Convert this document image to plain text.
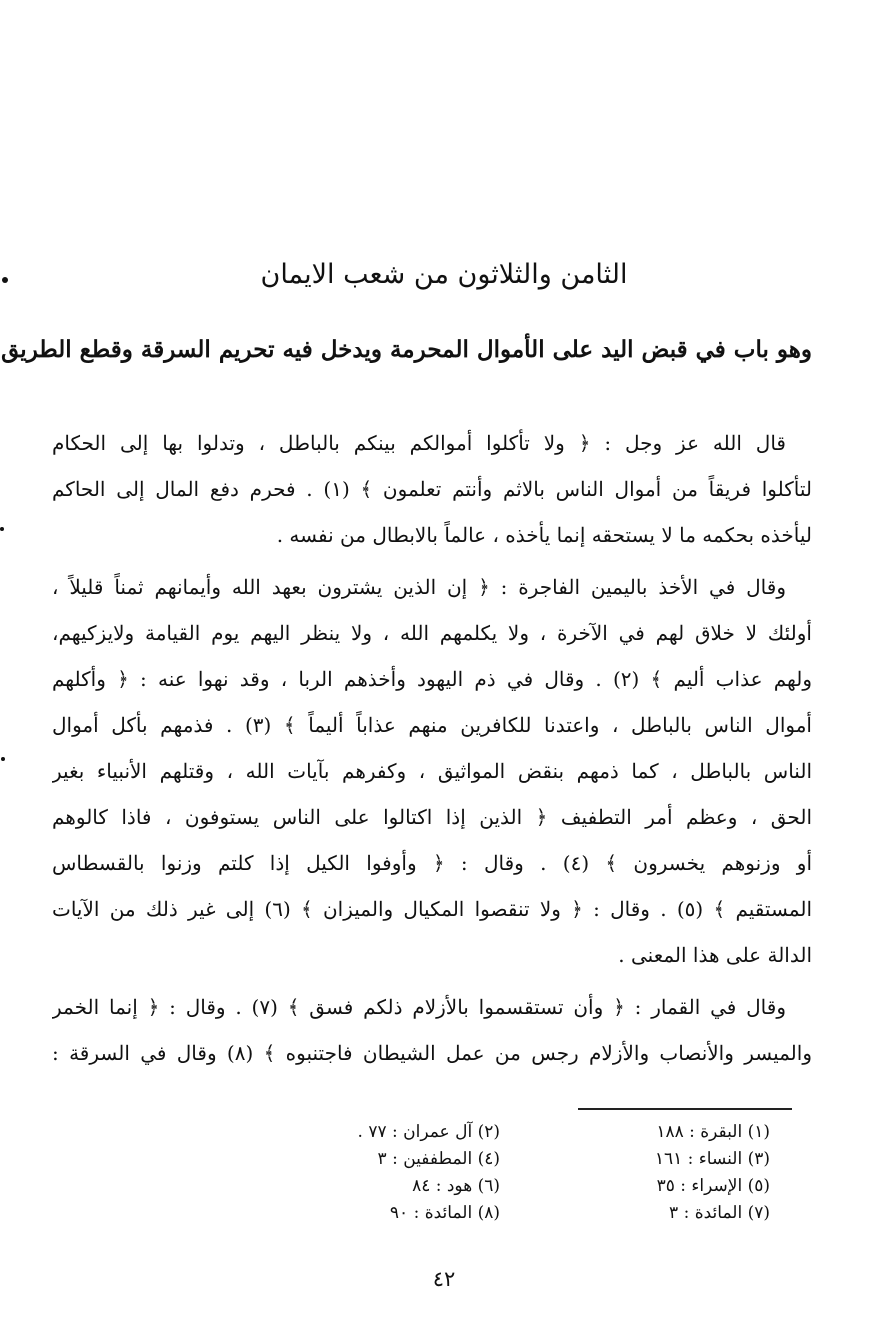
الثامن والثلاثون من شعب الايمان
وهو باب في قبض اليد على الأموال المحرمة ويدخل فيه تحريم السرقة وقطع الطريق
قال الله عز وجل : ﴿ ولا تأكلوا أموالكم بينكم بالباطل ، وتدلوا بها إلى الحكام
لتأكلوا فريقاً من أموال الناس بالاثم وأنتم تعلمون ﴾ (١) . فحرم دفع المال إلى الحاكم
ليأخذه بحكمه ما لا يستحقه إنما يأخذه ، عالماً بالابطال من نفسه .
وقال في الأخذ باليمين الفاجرة : ﴿ إن الذين يشترون بعهد الله وأيمانهم ثمناً قليلاً ،
أولئك لا خلاق لهم في الآخرة ، ولا يكلمهم الله ، ولا ينظر اليهم يوم القيامة ولايزكيهم،
ولهم عذاب أليم ﴾ (٢) . وقال في ذم اليهود وأخذهم الربا ، وقد نهوا عنه : ﴿ وأكلهم
أموال الناس بالباطل ، واعتدنا للكافرين منهم عذاباً أليماً ﴾ (٣) . فذمهم بأكل أموال
الناس بالباطل ، كما ذمهم بنقض المواثيق ، وكفرهم بآيات الله ، وقتلهم الأنبياء بغير
الحق ، وعظم أمر التطفيف ﴿ الذين إذا اكتالوا على الناس يستوفون ، فاذا كالوهم
أو وزنوهم يخسرون ﴾ (٤) . وقال : ﴿ وأوفوا الكيل إذا كلتم وزنوا بالقسطاس
المستقيم ﴾ (٥) . وقال : ﴿ ولا تنقصوا المكيال والميزان ﴾ (٦) إلى غير ذلك من الآيات
الدالة على هذا المعنى .
وقال في القمار : ﴿ وأن تستقسموا بالأزلام ذلكم فسق ﴾ (٧) . وقال : ﴿ إنما الخمر
والميسر والأنصاب والأزلام رجس من عمل الشيطان فاجتنبوه ﴾ (٨) وقال في السرقة :
(١) البقرة : ١٨٨
(٣) النساء : ١٦١
(٥) الإسراء : ٣٥
(٧) المائدة : ٣
(٢) آل عمران : ٧٧ .
(٤) المطففين : ٣
(٦) هود : ٨٤
(٨) المائدة : ٩٠
٤٢
